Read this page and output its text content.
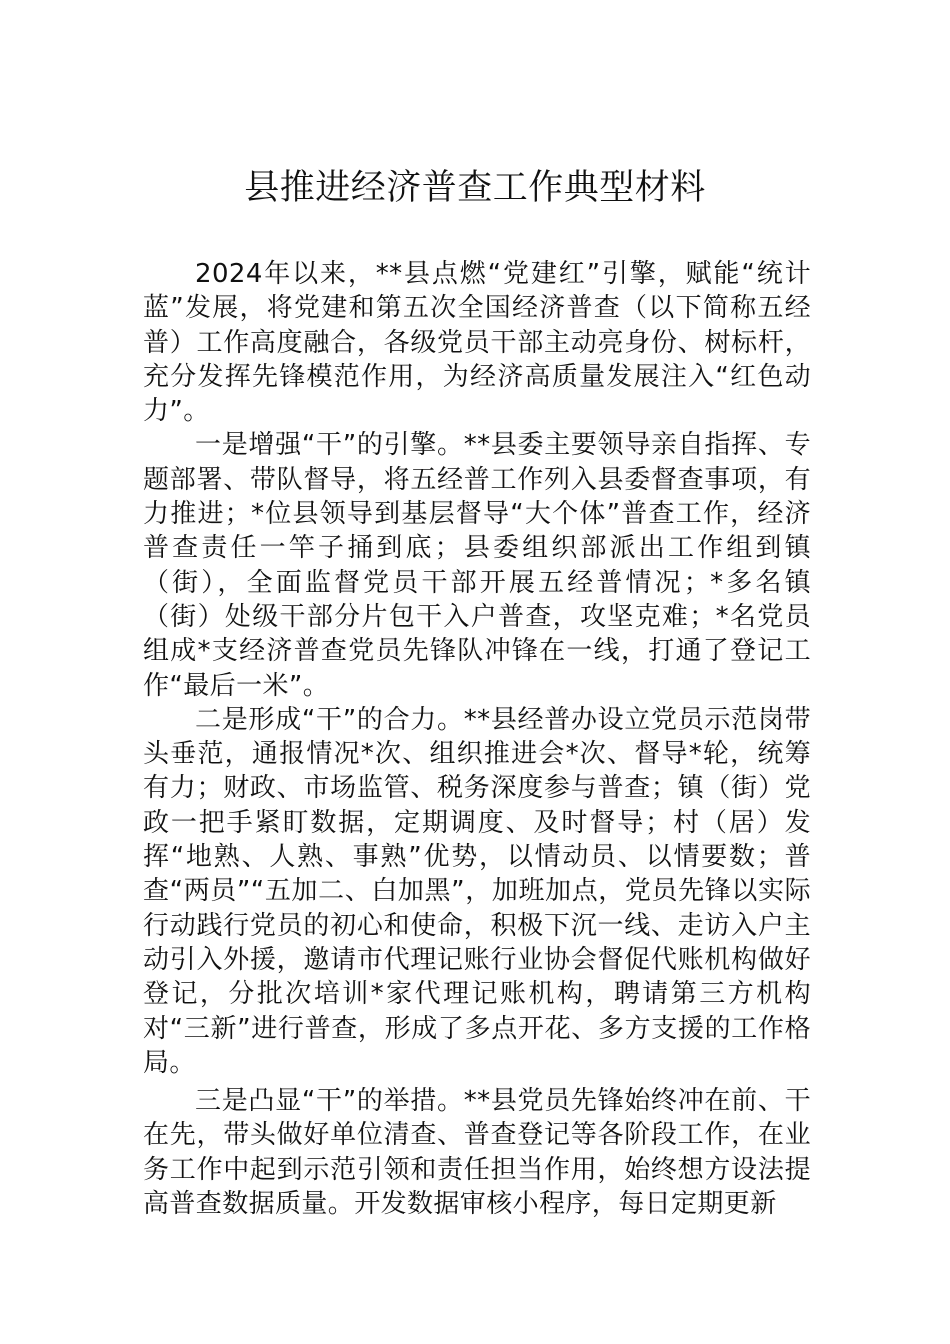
县推进经济普查工作典型材料

2024年以来，**县点燃“党建红”引擎，赋能“统计蓝”发展，将党建和第五次全国经济普查（以下简称五经普）工作高度融合，各级党员干部主动亮身份、树标杆，充分发挥先锋模范作用，为经济高质量发展注入“红色动力”。

一是增强“干”的引擎。**县委主要领导亲自指挥、专题部署、带队督导，将五经普工作列入县委督查事项，有力推进；*位县领导到基层督导“大个体”普查工作，经济普查责任一竿子捅到底；县委组织部派出工作组到镇（街），全面监督党员干部开展五经普情况；*多名镇（街）处级干部分片包干入户普查，攻坚克难；*名党员组成*支经济普查党员先锋队冲锋在一线，打通了登记工作“最后一米”。

二是形成“干”的合力。**县经普办设立党员示范岗带头垂范，通报情况*次、组织推进会*次、督导*轮，统筹有力；财政、市场监管、税务深度参与普查；镇（街）党政一把手紧盯数据，定期调度、及时督导；村（居）发挥“地熟、人熟、事熟”优势，以情动员、以情要数；普查“两员”“五加二、白加黑”，加班加点，党员先锋以实际行动践行党员的初心和使命，积极下沉一线、走访入户主动引入外援，邀请市代理记账行业协会督促代账机构做好登记，分批次培训*家代理记账机构，聘请第三方机构对“三新”进行普查，形成了多点开花、多方支援的工作格局。

三是凸显“干”的举措。**县党员先锋始终冲在前、干在先，带头做好单位清查、普查登记等各阶段工作，在业务工作中起到示范引领和责任担当作用，始终想方设法提高普查数据质量。开发数据审核小程序，每日定期更新
